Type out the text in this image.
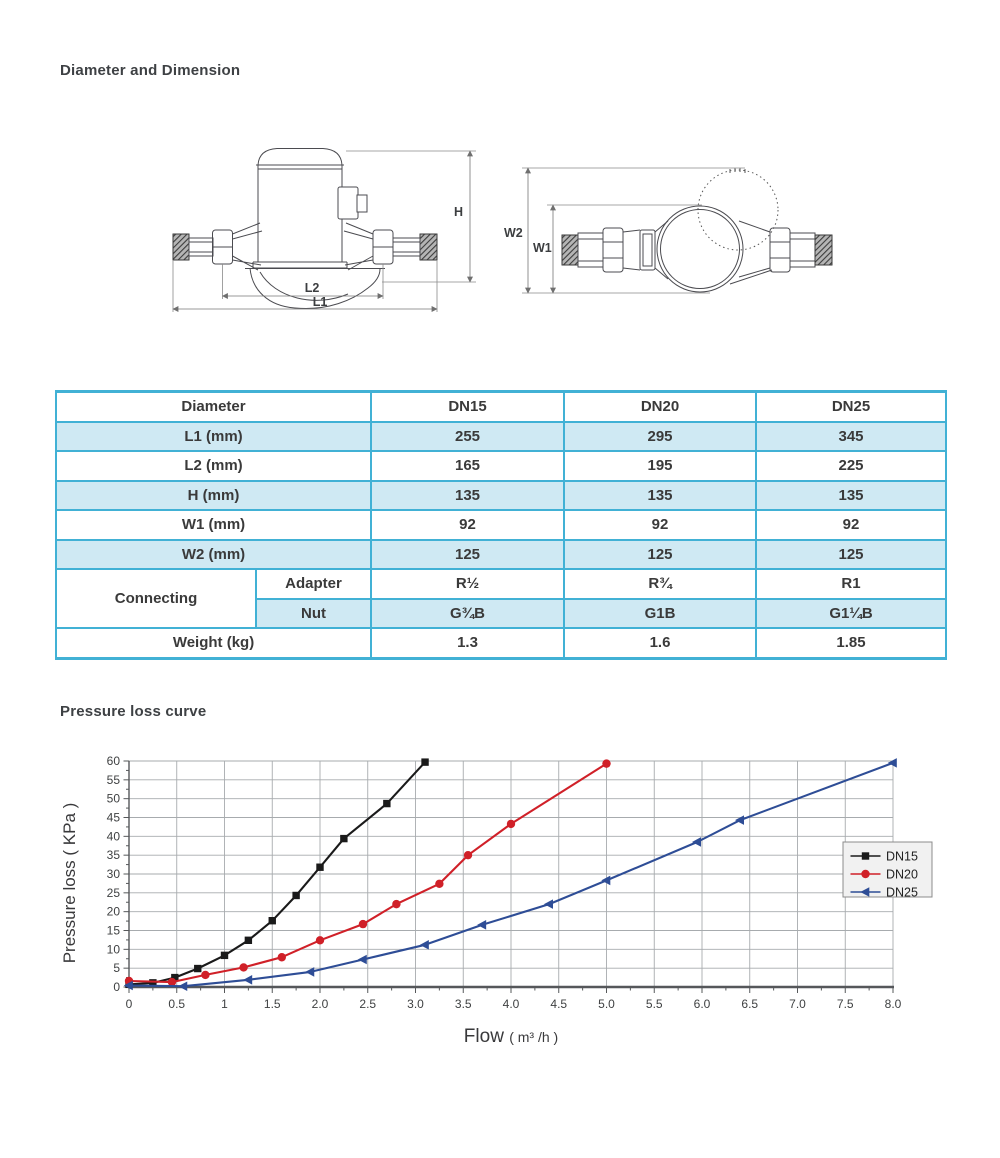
Diameter and Dimension
H
L2
L1
W2
W1
Diameter		DN15	DN20	DN25
L1 (mm)		255	295	345
L2 (mm)		165	195	225
H (mm)		135	135	135
W1 (mm)		92	92	92
W2 (mm)		125	125	125
Connecting	Adapter	R½	R¾	R1
	Nut	G¾B	G1B	G1¼B
Weight (kg)		1.3	1.6	1.85
Pressure loss curve
0	0.5	1	1.5	2.0	2.5	3.0	3.5	4.0	4.5	5.0	5.5	6.0	6.5	7.0	7.5	8.0
0
5
10
15
20
25
30
35
40
45
50
55
60
DN15
DN20
DN25
Pressure loss ( KPa )
Flow ( m³ /h )
